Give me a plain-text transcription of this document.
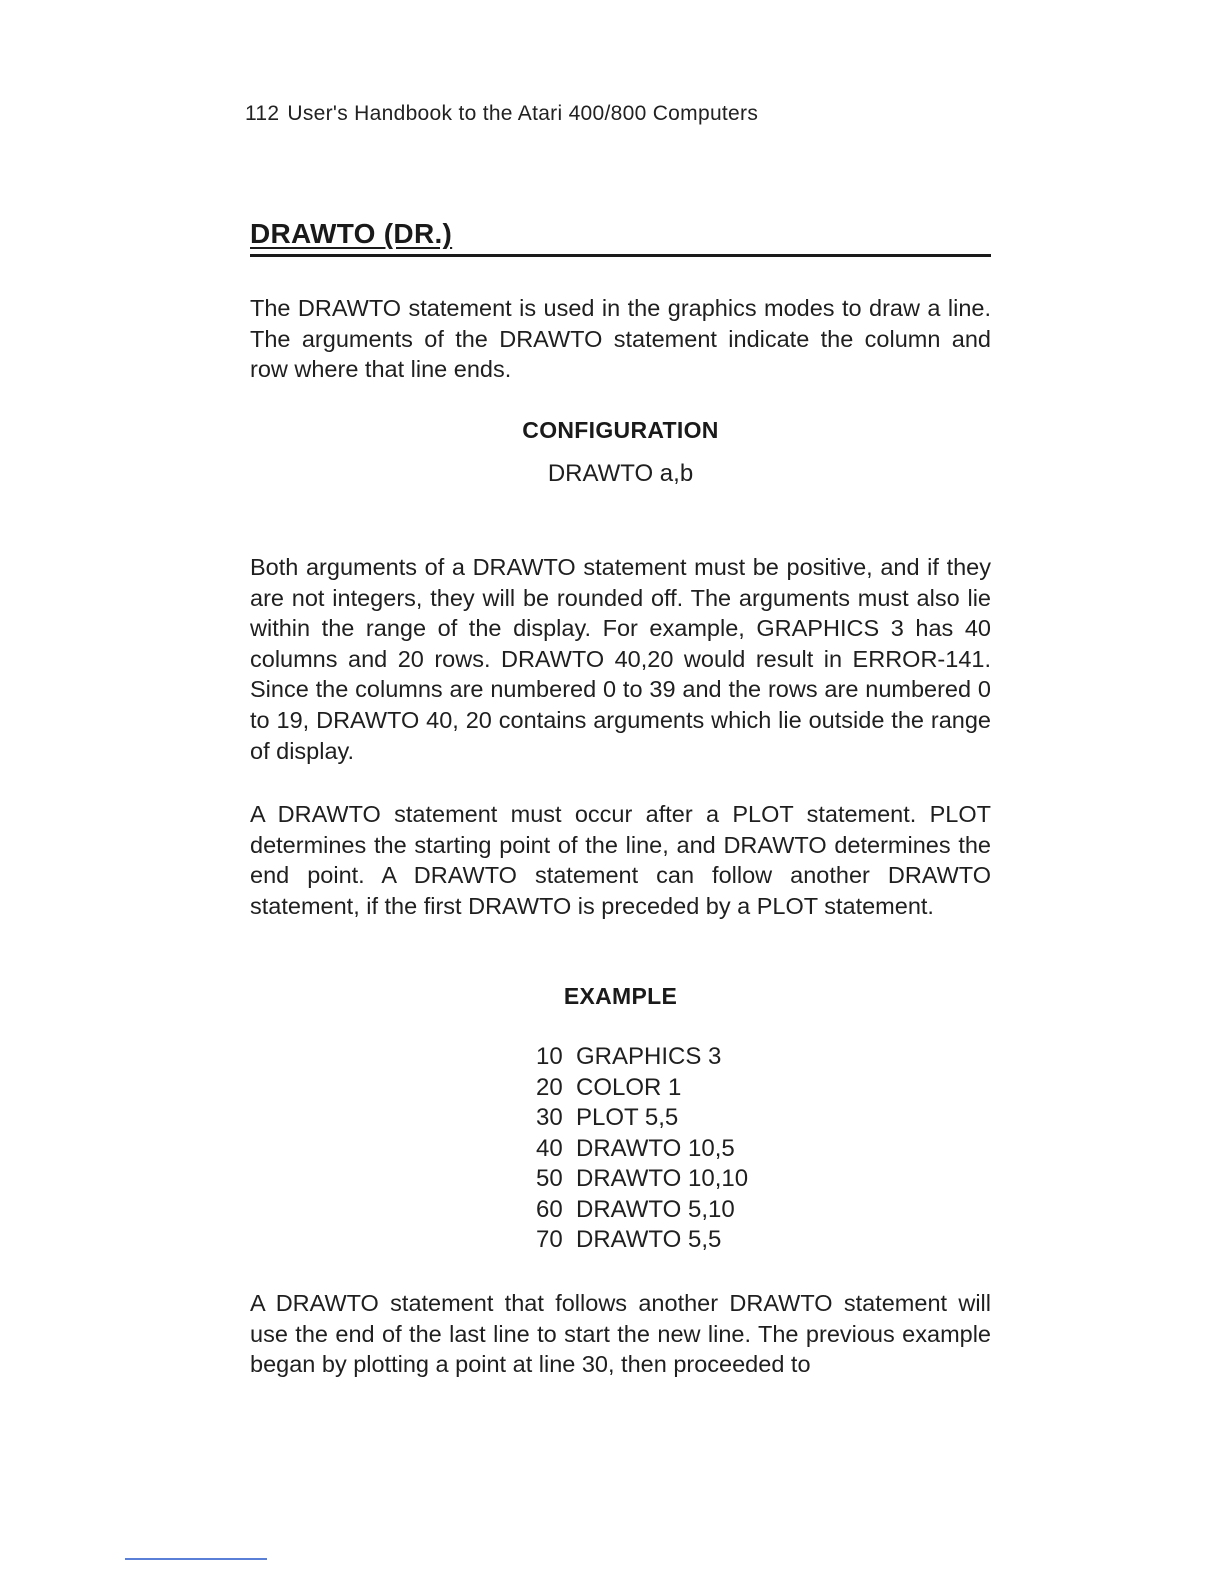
112 User's Handbook to the Atari 400/800 Computers
DRAWTO (DR.)
The DRAWTO statement is used in the graphics modes to draw a line. The arguments of the DRAWTO statement indicate the column and row where that line ends.
CONFIGURATION
DRAWTO a,b
Both arguments of a DRAWTO statement must be positive, and if they are not integers, they will be rounded off. The arguments must also lie within the range of the display. For example, GRAPHICS 3 has 40 columns and 20 rows. DRAWTO 40,20 would result in ERROR-141. Since the columns are numbered 0 to 39 and the rows are numbered 0 to 19, DRAWTO 40, 20 contains arguments which lie outside the range of display.
A DRAWTO statement must occur after a PLOT statement. PLOT determines the starting point of the line, and DRAWTO determines the end point. A DRAWTO statement can follow another DRAWTO statement, if the first DRAWTO is preceded by a PLOT statement.
EXAMPLE
10 GRAPHICS 3
20 COLOR 1
30 PLOT 5,5
40 DRAWTO 10,5
50 DRAWTO 10,10
60 DRAWTO 5,10
70 DRAWTO 5,5
A DRAWTO statement that follows another DRAWTO statement will use the end of the last line to start the new line. The previous example began by plotting a point at line 30, then proceeded to
